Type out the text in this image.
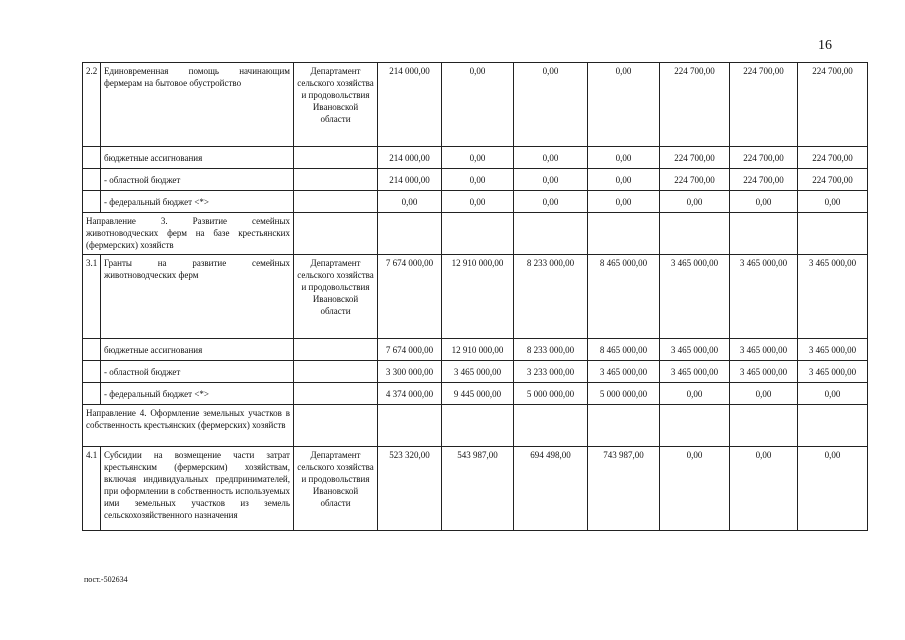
16
2.2	Единовременная помощь начинающим фермерам на бытовое обустройство	Департамент сельского хозяйства и продовольствия Ивановской области	214 000,00	0,00	0,00	0,00	224 700,00	224 700,00	224 700,00
	бюджетные ассигнования		214 000,00	0,00	0,00	0,00	224 700,00	224 700,00	224 700,00
	- областной бюджет		214 000,00	0,00	0,00	0,00	224 700,00	224 700,00	224 700,00
	- федеральный бюджет <*>		0,00	0,00	0,00	0,00	0,00	0,00	0,00
Направление 3. Развитие семейных животноводческих ферм на базе крестьянских (фермерских) хозяйств									
3.1	Гранты на развитие семейных животноводческих ферм	Департамент сельского хозяйства и продовольствия Ивановской области	7 674 000,00	12 910 000,00	8 233 000,00	8 465 000,00	3 465 000,00	3 465 000,00	3 465 000,00
	бюджетные ассигнования		7 674 000,00	12 910 000,00	8 233 000,00	8 465 000,00	3 465 000,00	3 465 000,00	3 465 000,00
	- областной бюджет		3 300 000,00	3 465 000,00	3 233 000,00	3 465 000,00	3 465 000,00	3 465 000,00	3 465 000,00
	- федеральный бюджет <*>		4 374 000,00	9 445 000,00	5 000 000,00	5 000 000,00	0,00	0,00	0,00
Направление 4. Оформление земельных участков в собственность крестьянских (фермерских) хозяйств									
4.1	Субсидии на возмещение части затрат крестьянским (фермерским) хозяйствам, включая индивидуальных предпринимателей, при оформлении в собственность используемых ими земельных участков из земель сельскохозяйственного назначения	Департамент сельского хозяйства и продовольствия Ивановской области	523 320,00	543 987,00	694 498,00	743 987,00	0,00	0,00	0,00
пост.-502634
